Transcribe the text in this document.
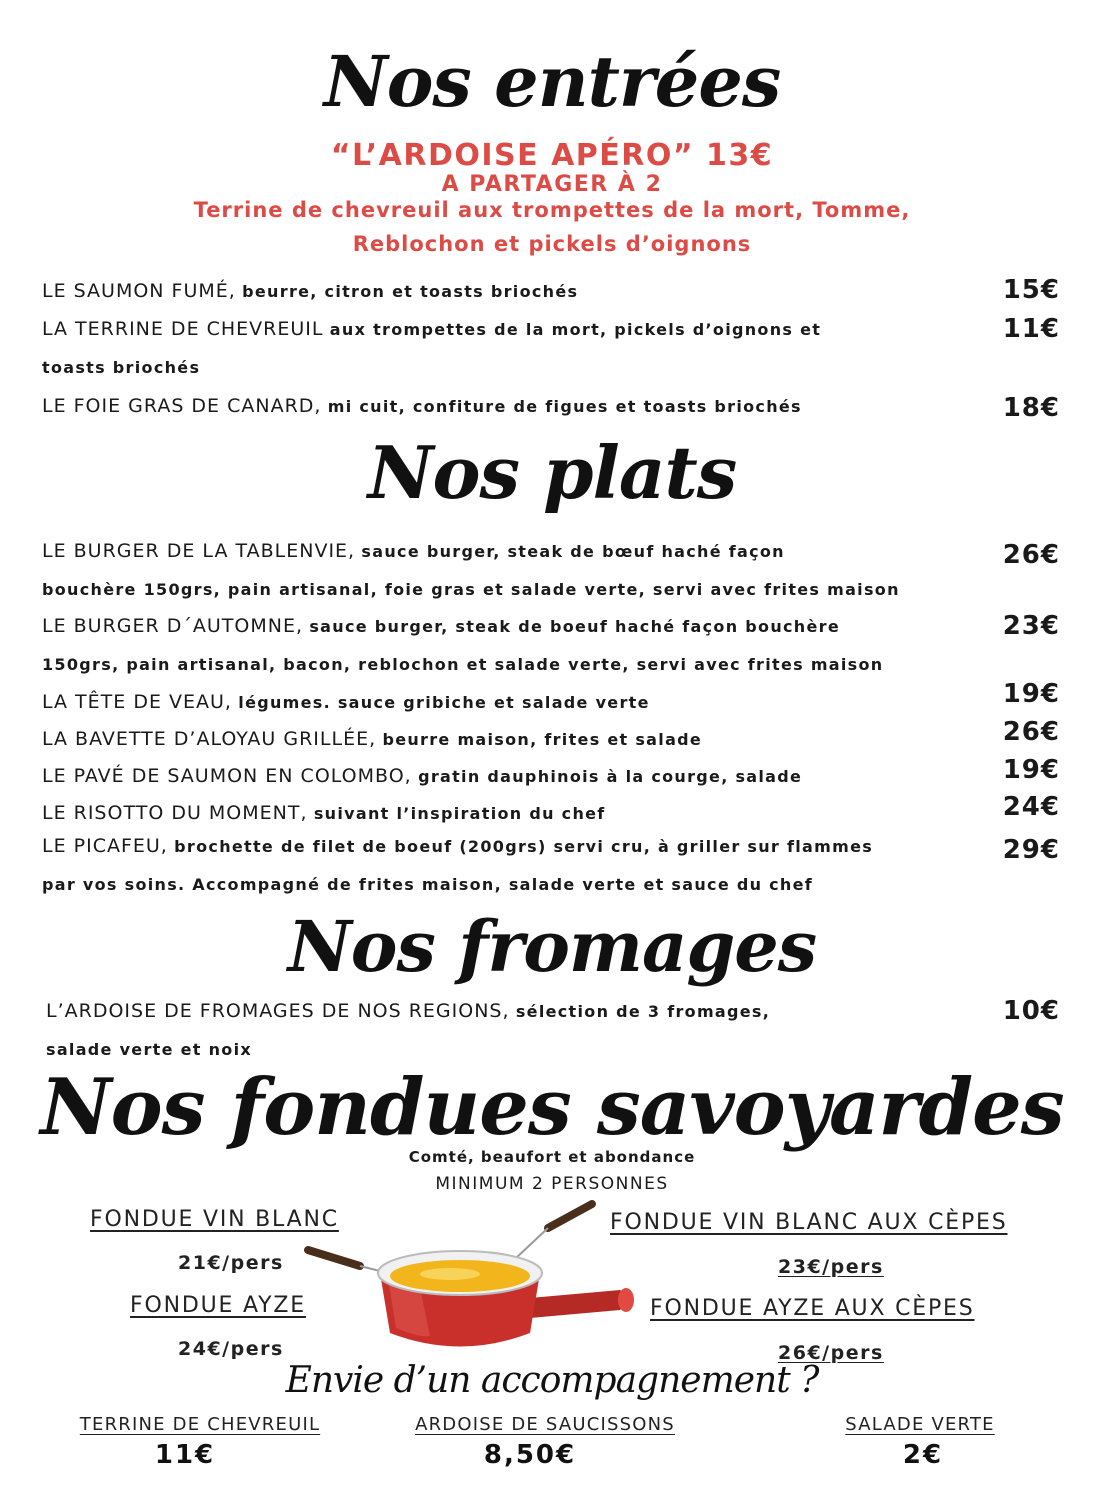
Nos entrées
“L’ARDOISE APÉRO” 13€
A PARTAGER À 2
Terrine de chevreuil aux trompettes de la mort, Tomme,
Reblochon et pickels d’oignons
LE SAUMON FUMÉ, beurre, citron et toasts briochés	15€
LA TERRINE DE CHEVREUIL aux trompettes de la mort, pickels d’oignons et
toasts briochés
11€
LE FOIE GRAS DE CANARD, mi cuit, confiture de figues et toasts briochés	18€
Nos plats
LE BURGER DE LA TABLENVIE, sauce burger, steak de bœuf haché façon
bouchère 150grs, pain artisanal, foie gras et salade verte, servi avec frites maison
26€
LE BURGER D´AUTOMNE, sauce burger, steak de boeuf haché façon bouchère
150grs, pain artisanal, bacon, reblochon et salade verte, servi avec frites maison
23€
LA TÊTE DE VEAU, légumes. sauce gribiche et salade verte	19€
LA BAVETTE D’ALOYAU GRILLÉE, beurre maison, frites et salade	26€
LE PAVÉ DE SAUMON EN COLOMBO, gratin dauphinois à la courge, salade	19€
LE RISOTTO DU MOMENT, suivant l’inspiration du chef	24€
LE PICAFEU, brochette de filet de boeuf (200grs) servi cru, à griller sur flammes
par vos soins. Accompagné de frites maison, salade verte et sauce du chef
29€
Nos fromages
L’ARDOISE DE FROMAGES DE NOS REGIONS, sélection de 3 fromages,
salade verte et noix
10€
Nos fondues savoyardes
Comté, beaufort et abondance
MINIMUM 2 PERSONNES
FONDUE VIN BLANC
21€/pers
FONDUE VIN BLANC AUX CÈPES
23€/pers
FONDUE AYZE
24€/pers
FONDUE AYZE AUX CÈPES
26€/pers
Envie d’un accompagnement ?
TERRINE DE CHEVREUIL
11€
ARDOISE DE SAUCISSONS
8,50€
SALADE VERTE
2€
